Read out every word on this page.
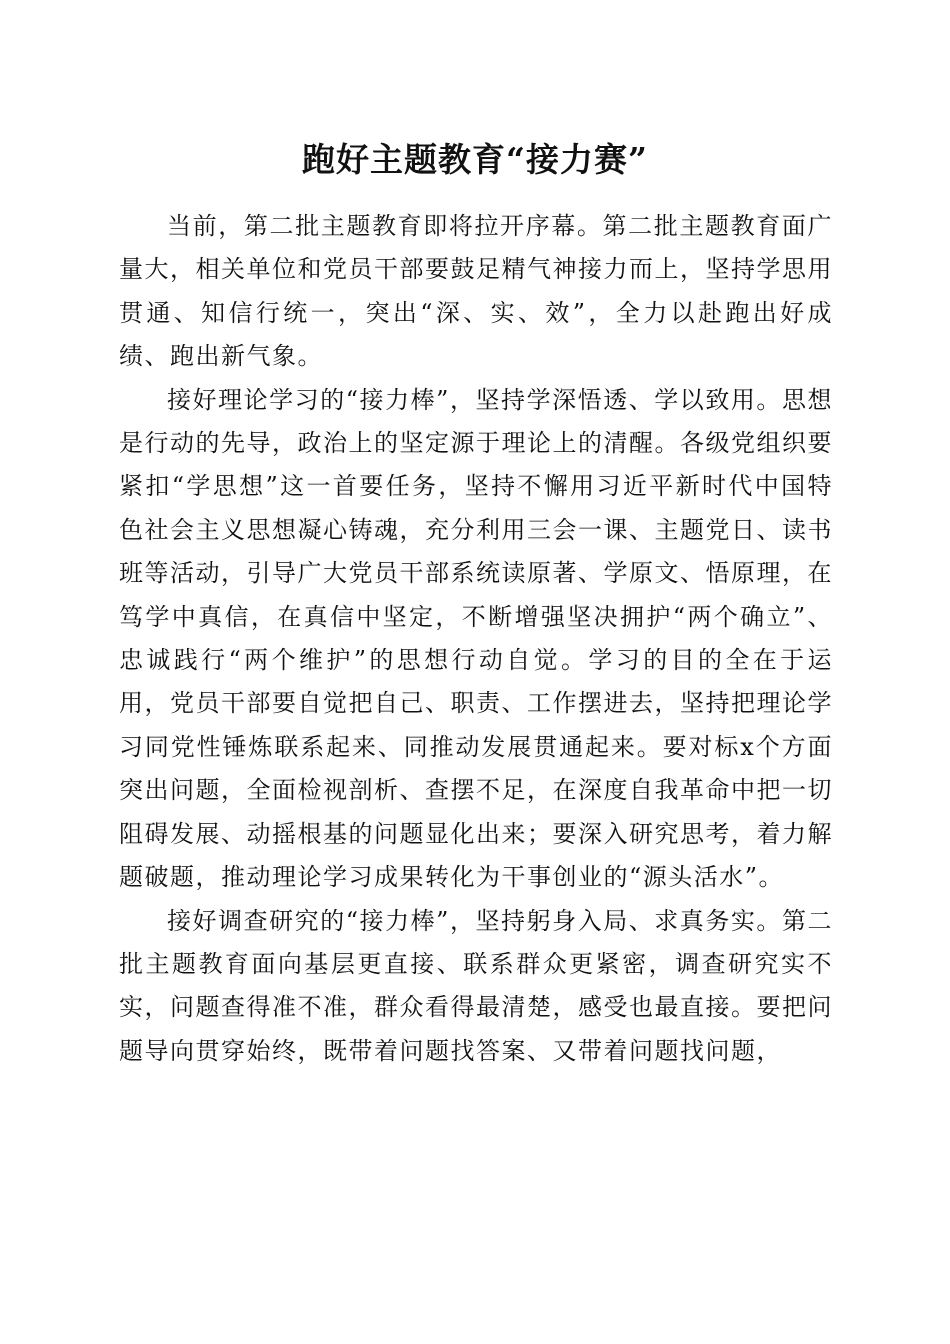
跑好主题教育“接力赛”

当前，第二批主题教育即将拉开序幕。第二批主题教育面广量大，相关单位和党员干部要鼓足精气神接力而上，坚持学思用贯通、知信行统一，突出“深、实、效”，全力以赴跑出好成绩、跑出新气象。

接好理论学习的“接力棒”，坚持学深悟透、学以致用。思想是行动的先导，政治上的坚定源于理论上的清醒。各级党组织要紧扣“学思想”这一首要任务，坚持不懈用习近平新时代中国特色社会主义思想凝心铸魂，充分利用三会一课、主题党日、读书班等活动，引导广大党员干部系统读原著、学原文、悟原理，在笃学中真信，在真信中坚定，不断增强坚决拥护“两个确立”、忠诚践行“两个维护”的思想行动自觉。学习的目的全在于运用，党员干部要自觉把自己、职责、工作摆进去，坚持把理论学习同党性锤炼联系起来、同推动发展贯通起来。要对标x个方面突出问题，全面检视剖析、查摆不足，在深度自我革命中把一切阻碍发展、动摇根基的问题显化出来；要深入研究思考，着力解题破题，推动理论学习成果转化为干事创业的“源头活水”。

接好调查研究的“接力棒”，坚持躬身入局、求真务实。第二批主题教育面向基层更直接、联系群众更紧密，调查研究实不实，问题查得准不准，群众看得最清楚，感受也最直接。要把问题导向贯穿始终，既带着问题找答案、又带着问题找问题，
